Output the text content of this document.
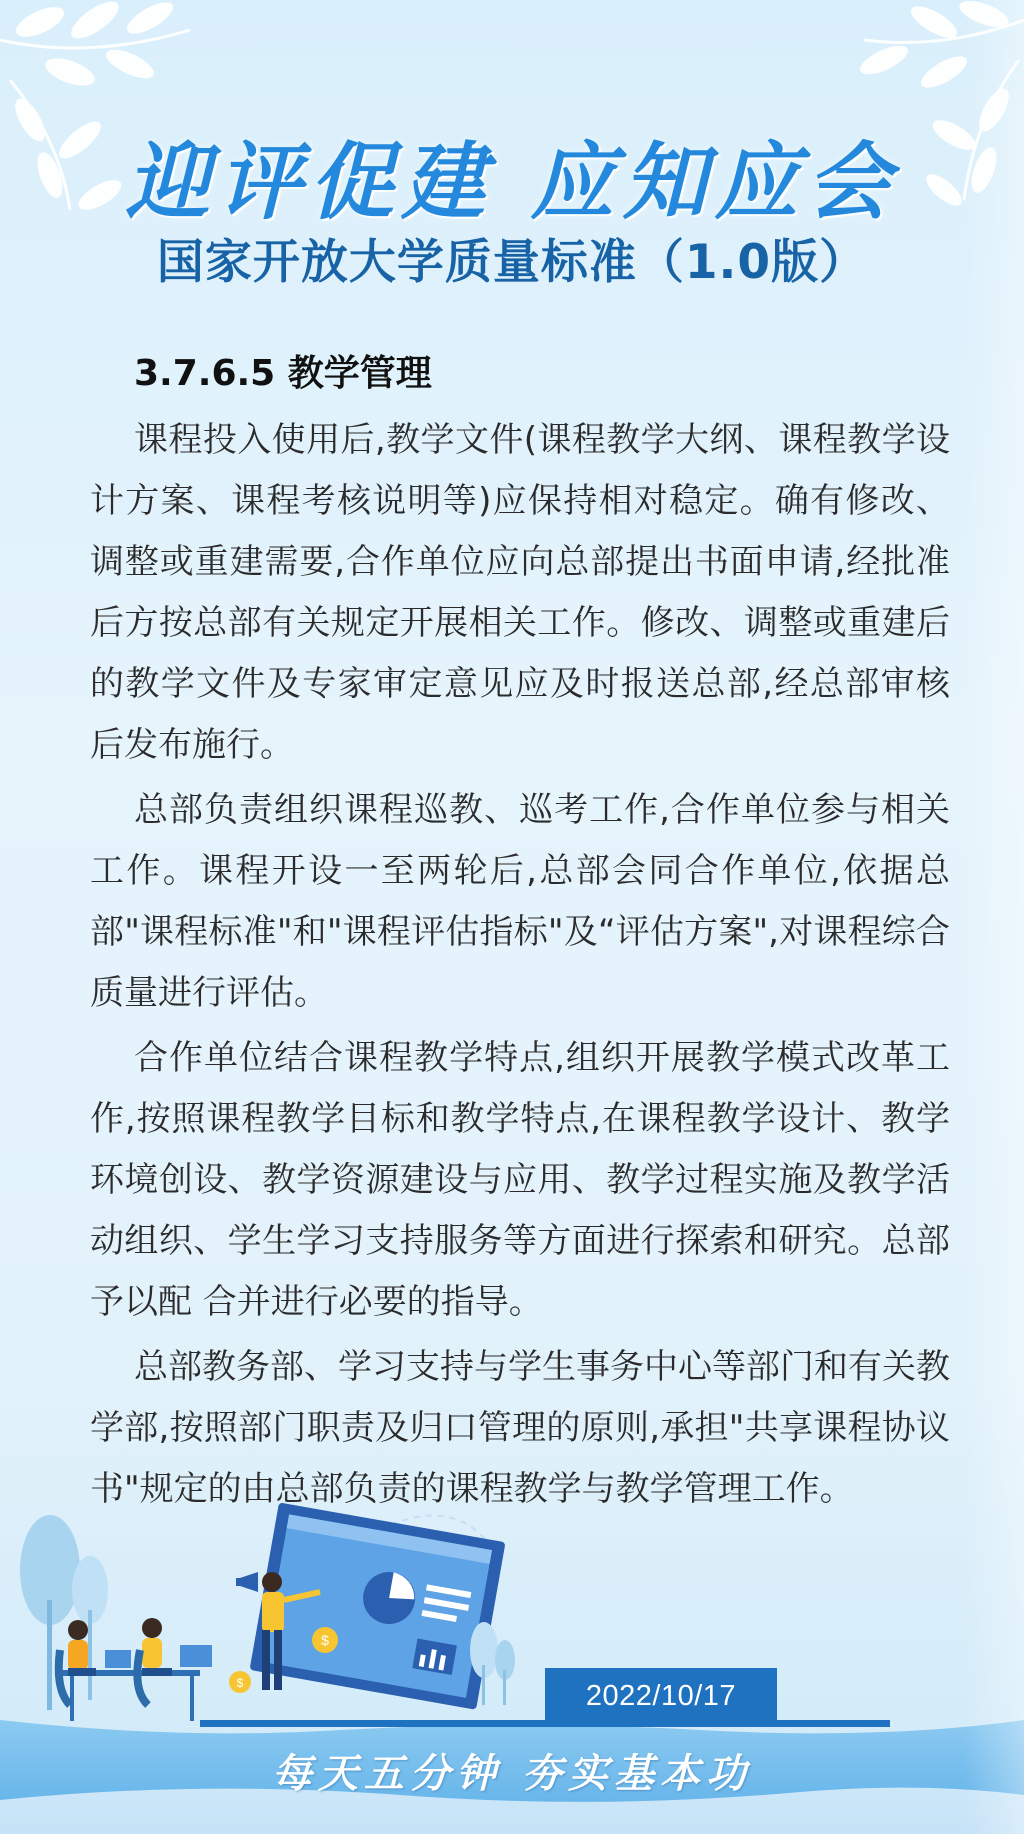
迎评促建 应知应会
国家开放大学质量标准（1.0版）
3.7.6.5 教学管理

课程投入使用后,教学文件(课程教学大纲、课程教学设计方案、课程考核说明等)应保持相对稳定。确有修改、调整或重建需要,合作单位应向总部提出书面申请,经批准后方按总部有关规定开展相关工作。修改、调整或重建后的教学文件及专家审定意见应及时报送总部,经总部审核后发布施行。

总部负责组织课程巡教、巡考工作,合作单位参与相关工作。课程开设一至两轮后,总部会同合作单位,依据总部"课程标准"和"课程评估指标"及“评估方案",对课程综合质量进行评估。

合作单位结合课程教学特点,组织开展教学模式改革工作,按照课程教学目标和教学特点,在课程教学设计、教学环境创设、教学资源建设与应用、教学过程实施及教学活动组织、学生学习支持服务等方面进行探索和研究。总部予以配 合并进行必要的指导。

总部教务部、学习支持与学生事务中心等部门和有关教学部,按照部门职责及归口管理的原则,承担"共享课程协议书"规定的由总部负责的课程教学与教学管理工作。

$
$	2022/10/17
每天五分钟 夯实基本功
